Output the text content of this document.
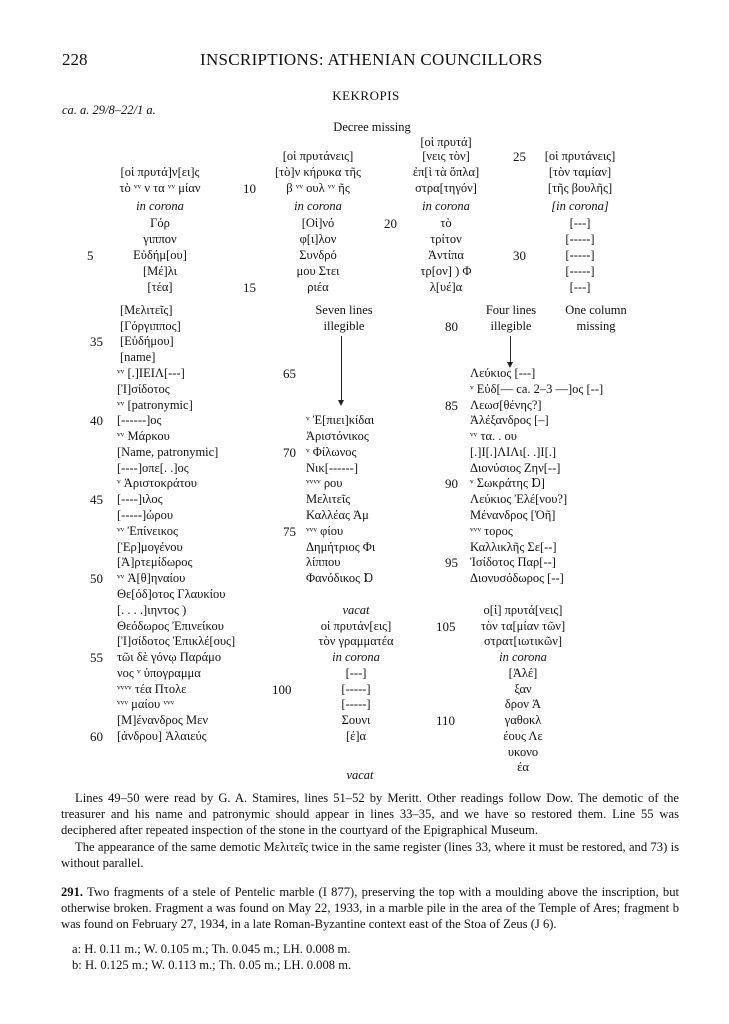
228	INSCRIPTIONS: ATHENIAN COUNCILLORS
KEKROPIS
ca. a. 29/8–22/1 a.
Decree missing
[οἱ πρυτά]ν[ει]ς
τὸ ᵛᵛ ν τα ᵛᵛ μίαν
in corona
Γόρ
γιππον
Εὐδήμ[ου]
[Μέ]λι
[τέα]
[οἱ πρυτάνεις]
[τὸ]ν κήρυκα τῆς
β ᵛᵛ ουλ ᵛᵛ ῆς
in corona
[Οἰ]νό
φ[ι]λον
Συνδρό
μου Στει
ριέα
[οἱ πρυτά]
[νεις τὸν]
ἐπ[ὶ τὰ ὅπλα]
στρα[τηγόν]
in corona
τὸ
τρίτον
Ἀντίπα
τρ[ον] ) Φ
λ[υέ]α
[οἱ πρυτάνεις]
[τὸν ταμίαν]
[τῆς βουλῆς]
[in corona]
[---]
[-----]
[-----]
[-----]
[---]
5
10
15
20
25
30
Seven lines
illegible
Four lines
illegible
One column
missing
[Μελιτεῖς]
[Γόργιππος]
[Εὐδήμου]
[name]
ᵛᵛ [.]ΙΕΙΛ[---]
[Ἰ]σίδοτος
ᵛᵛ [patronymic]
[------]ος
ᵛᵛ Μάρκου
[Name, patronymic]
[----]οπε[. .]ος
ᵛ Ἀριστοκράτου
[----]ιλος
[-----]ώρου
ᵛᵛ Ἐπίνεικος
[Ἑρ]μογένου
[Ἀ]ρτεμίδωρος
ᵛᵛ Ἀ[θ]ηναίου
Θε[όδ]οτος Γλαυκίου
[. . . .]ιηντος )
Θεόδωρος Ἐπινείκου
[Ἰ]σίδοτος Ἐπικλέ[ους]
τῶι δὲ γόνῳ Παράμο
νος ᵛ ὑπογραμμα
ᵛᵛᵛᵛ τέα Πτολε
ᵛᵛᵛ μαίου ᵛᵛᵛ
[Μ]ένανδρος Μεν
[άνδρου] Ἁλαιεύς
ᵛ Ἐ[πιει]κίδαι
Ἀριστόνικος
ᵛ Φίλωνος
Νικ[------]
ᵛᵛᵛᵛ ρου
Μελιτεῖς
Καλλέας Ἀμ
ᵛᵛᵛ φίου
Δημήτριος Φι
λίππου
Φανόδικος Ɒ
vacat
οἱ πρυτάν[εις]
τὸν γραμματέα
in corona
[---]
[-----]
[-----]
Σουνι
[έ]α
Λεύκιος [---]
ᵛ Εὐδ[— ca. 2–3 —]ος [--]
Λεωσ[θένης?]
Ἀλέξανδρος [–]
ᵛᵛ τα. . ου
[.]Ι[.]ΛΙΛι[. .]Ι[.]
Διονύσιος Ζην[--]
ᵛ Σωκράτης Ɒ]
Λεύκιος Ἐλέ[νου?]
Μένανδρος [Ὀῆ]
ᵛᵛᵛ τορος
Καλλικλῆς Σε[--]
Ἰσίδοτος Παρ[--]
Διονυσόδωρος [--]
ο[ἱ] πρυτά[νεις]
τὸν τα[μίαν τῶν]
στρατ[ιωτικῶν]
in corona
[Ἀλέ]
ξαν
δρον Ἀ
γαθοκλ
έους Λε
υκονο
έα
35
40
45
50
55
60
65
70
75
80
85
90
95
100
105
110
vacat
Lines 49–50 were read by G. A. Stamires, lines 51–52 by Meritt. Other readings follow Dow. The demotic of the treasurer and his name and patronymic should appear in lines 33–35, and we have so restored them. Line 55 was deciphered after repeated inspection of the stone in the courtyard of the Epigraphical Museum.
The appearance of the same demotic Μελιτεῖς twice in the same register (lines 33, where it must be restored, and 73) is without parallel.
291. Two fragments of a stele of Pentelic marble (I 877), preserving the top with a moulding above the inscription, but otherwise broken. Fragment a was found on May 22, 1933, in a marble pile in the area of the Temple of Ares; fragment b was found on February 27, 1934, in a late Roman-Byzantine context east of the Stoa of Zeus (J 6).
a: H. 0.11 m.; W. 0.105 m.; Th. 0.045 m.; LH. 0.008 m.
b: H. 0.125 m.; W. 0.113 m.; Th. 0.05 m.; LH. 0.008 m.
